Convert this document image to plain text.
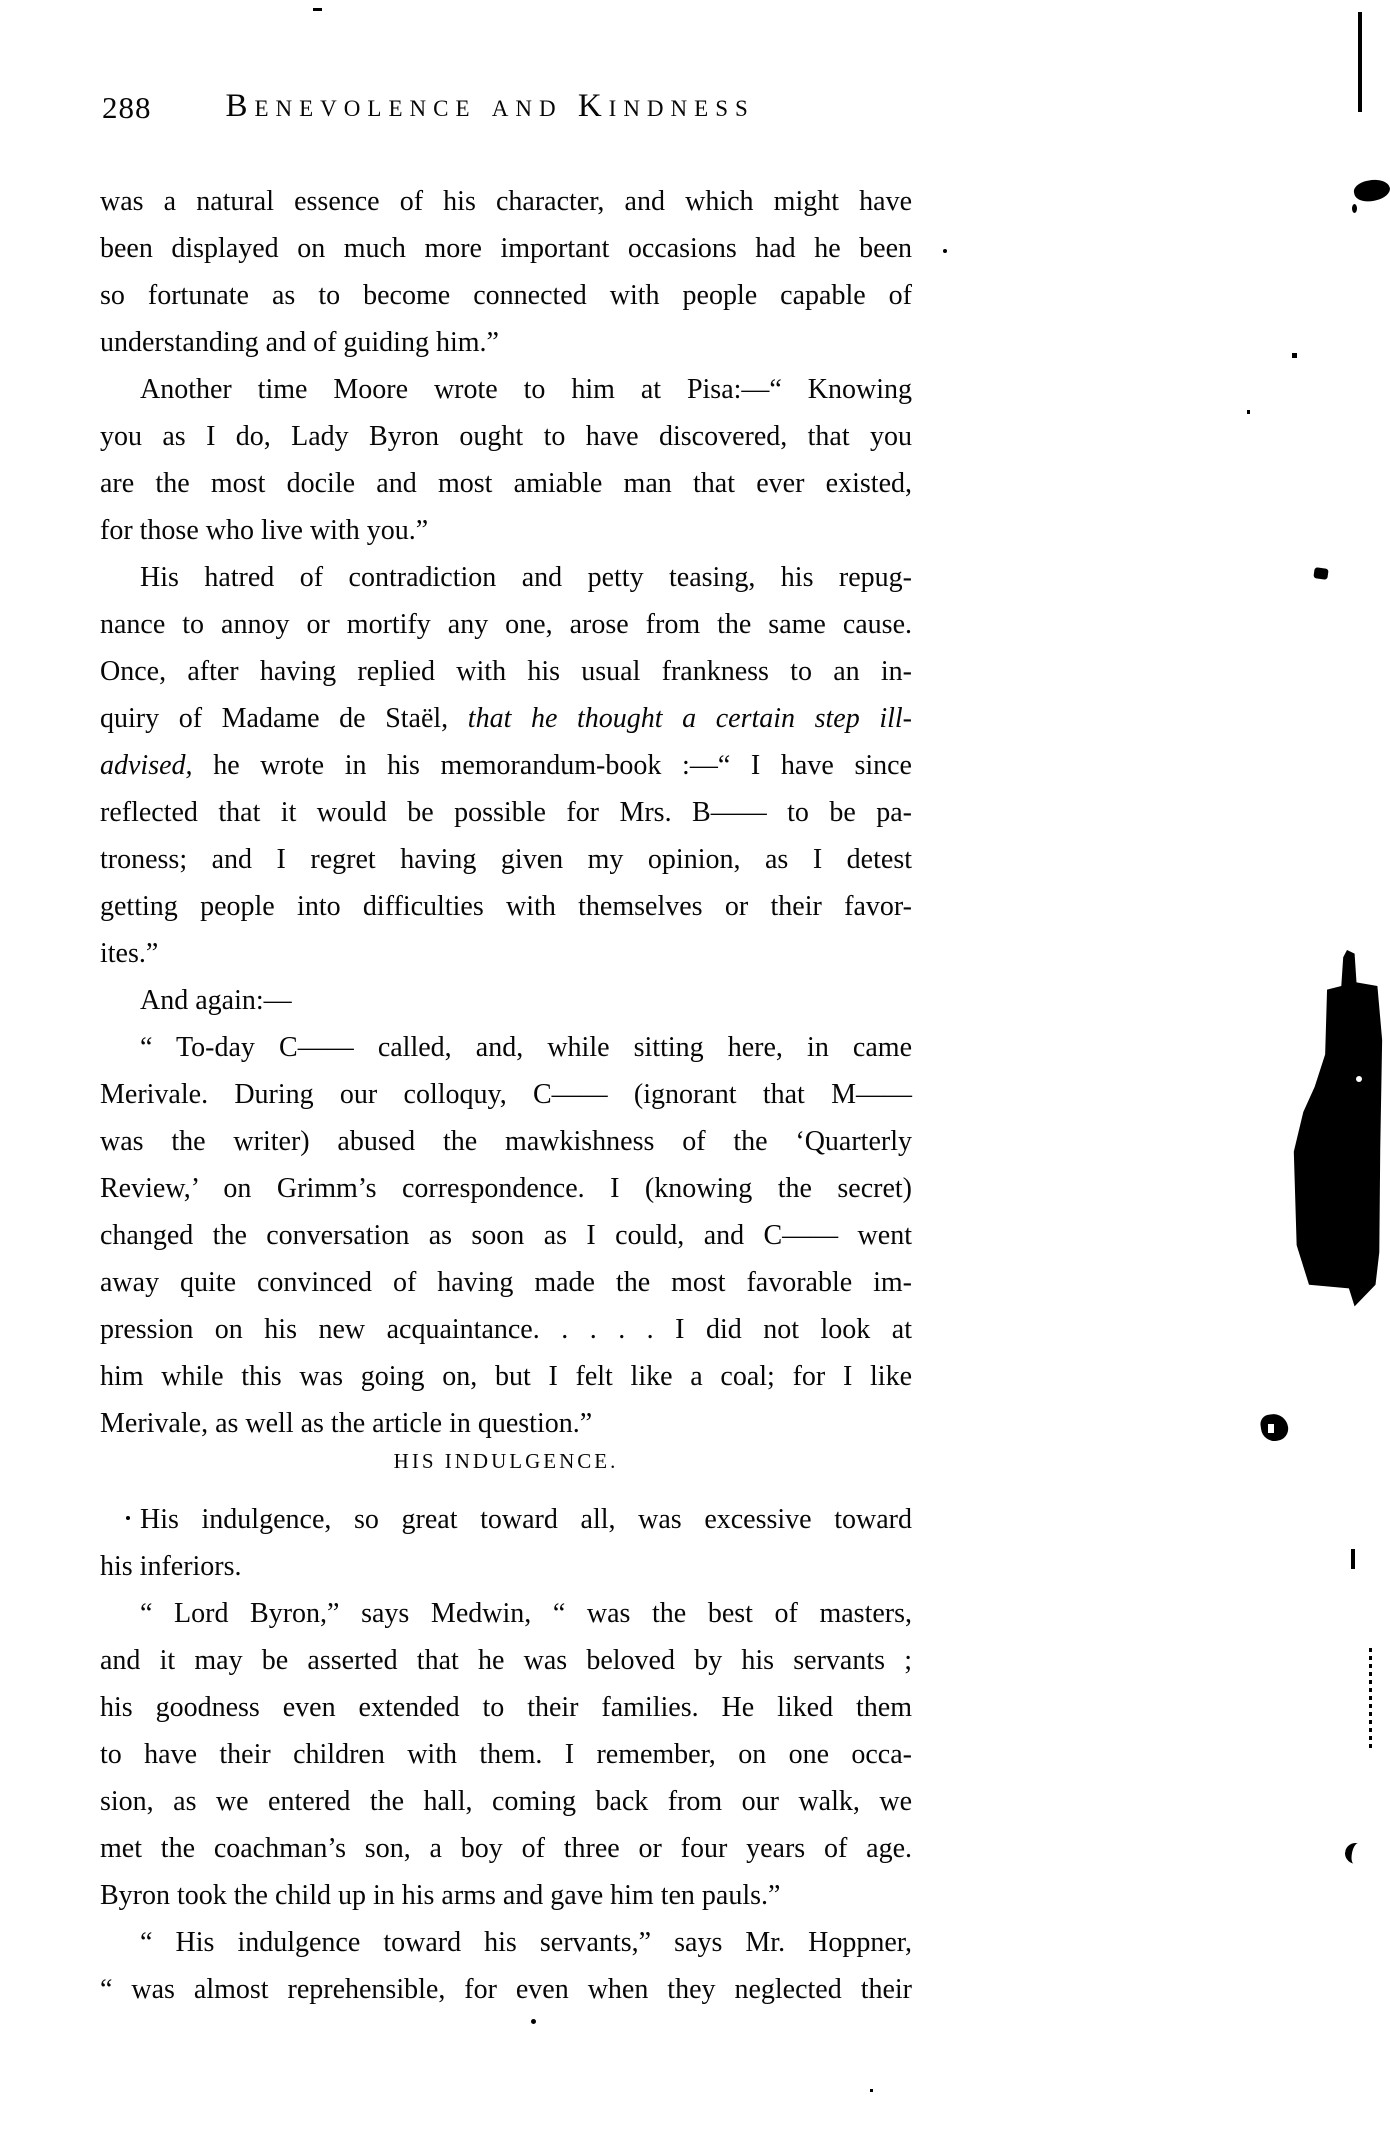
288 Benevolence and Kindness
was a natural essence of his character, and which might have
been displayed on much more important occasions had he been
so fortunate as to become connected with people capable of
understanding and of guiding him.”
Another time Moore wrote to him at Pisa:—“ Knowing
you as I do, Lady Byron ought to have discovered, that you
are the most docile and most amiable man that ever existed,
for those who live with you.”
His hatred of contradiction and petty teasing, his repug-
nance to annoy or mortify any one, arose from the same cause.
Once, after having replied with his usual frankness to an in-
quiry of Madame de Staël, that he thought a certain step ill-
advised, he wrote in his memorandum-book :—“ I have since
reflected that it would be possible for Mrs. B—— to be pa-
troness; and I regret having given my opinion, as I detest
getting people into difficulties with themselves or their favor-
ites.”
And again:—
“ To-day C—— called, and, while sitting here, in came
Merivale. During our colloquy, C—— (ignorant that M——
was the writer) abused the mawkishness of the ‘Quarterly
Review,’ on Grimm’s correspondence. I (knowing the secret)
changed the conversation as soon as I could, and C—— went
away quite convinced of having made the most favorable im-
pression on his new acquaintance. . . . . I did not look at
him while this was going on, but I felt like a coal; for I like
Merivale, as well as the article in question.”
HIS INDULGENCE.
His indulgence, so great toward all, was excessive toward
his inferiors.
“ Lord Byron,” says Medwin, “ was the best of masters,
and it may be asserted that he was beloved by his servants ;
his goodness even extended to their families. He liked them
to have their children with them. I remember, on one occa-
sion, as we entered the hall, coming back from our walk, we
met the coachman’s son, a boy of three or four years of age.
Byron took the child up in his arms and gave him ten pauls.”
“ His indulgence toward his servants,” says Mr. Hoppner,
“ was almost reprehensible, for even when they neglected their
